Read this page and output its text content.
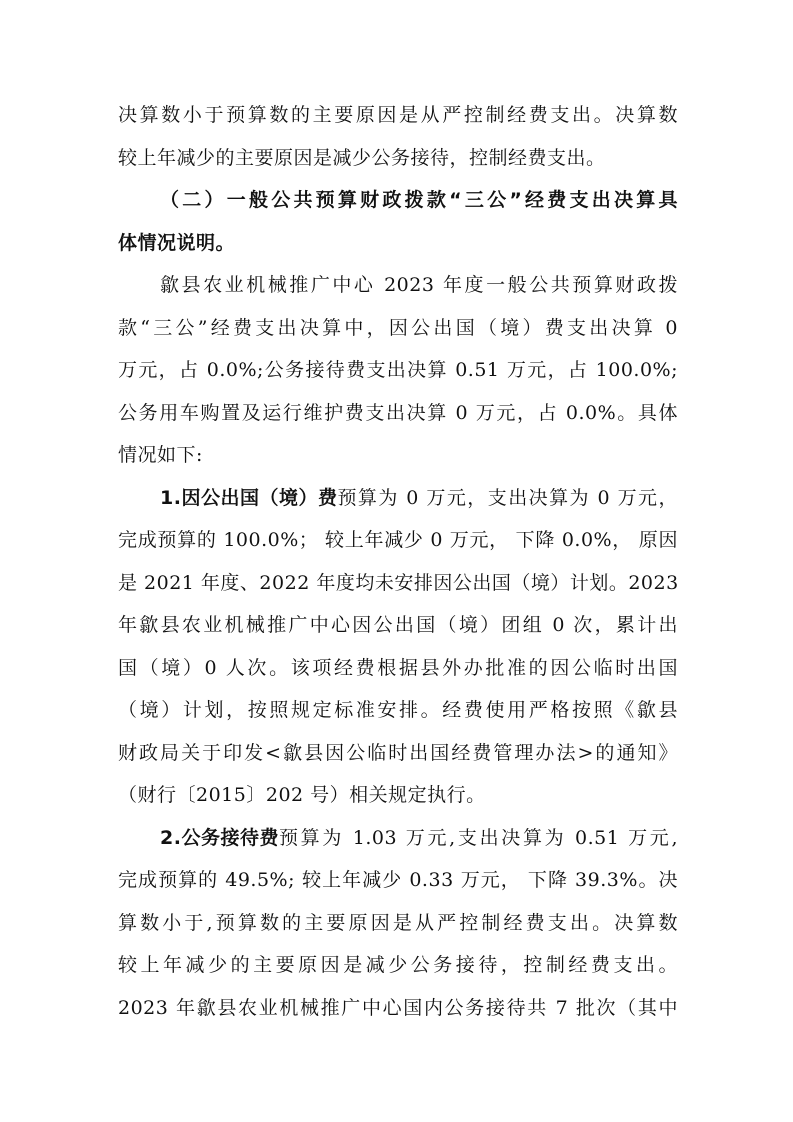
决算数小于预算数的主要原因是从严控制经费支出。决算数
较上年减少的主要原因是减少公务接待，控制经费支出。
（二）一般公共预算财政拨款“三公”经费支出决算具
体情况说明。
歙县农业机械推广中心 2023 年度一般公共预算财政拨
款“三公”经费支出决算中，因公出国（境）费支出决算 0
万元，占 0.0%;公务接待费支出决算 0.51 万元，占 100.0%;
公务用车购置及运行维护费支出决算 0 万元，占 0.0%。具体
情况如下:
1.因公出国（境）费 预算为 0 万元，支出决算为 0 万元，
完成预算的 100.0%； 较上年减少 0 万元， 下降 0.0%， 原因
是 2021 年度、2022 年度均未安排因公出国（境）计划。2023
年歙县农业机械推广中心因公出国（境）团组 0 次，累计出
国（境）0 人次。该项经费根据县外办批准的因公临时出国
（境）计划，按照规定标准安排。经费使用严格按照《歙县
财政局关于印发<歙县因公临时出国经费管理办法>的通知》
（财行〔2015〕202 号）相关规定执行。
2.公务接待费 预算为 1.03 万元,支出决算为 0.51 万元,
完成预算的 49.5%; 较上年减少 0.33 万元， 下降 39.3%。决
算数小于,预算数的主要原因是从严控制经费支出。决算数
较上年减少的主要原因是减少公务接待，控制经费支出。
2023 年歙县农业机械推广中心国内公务接待共 7 批次（其中
